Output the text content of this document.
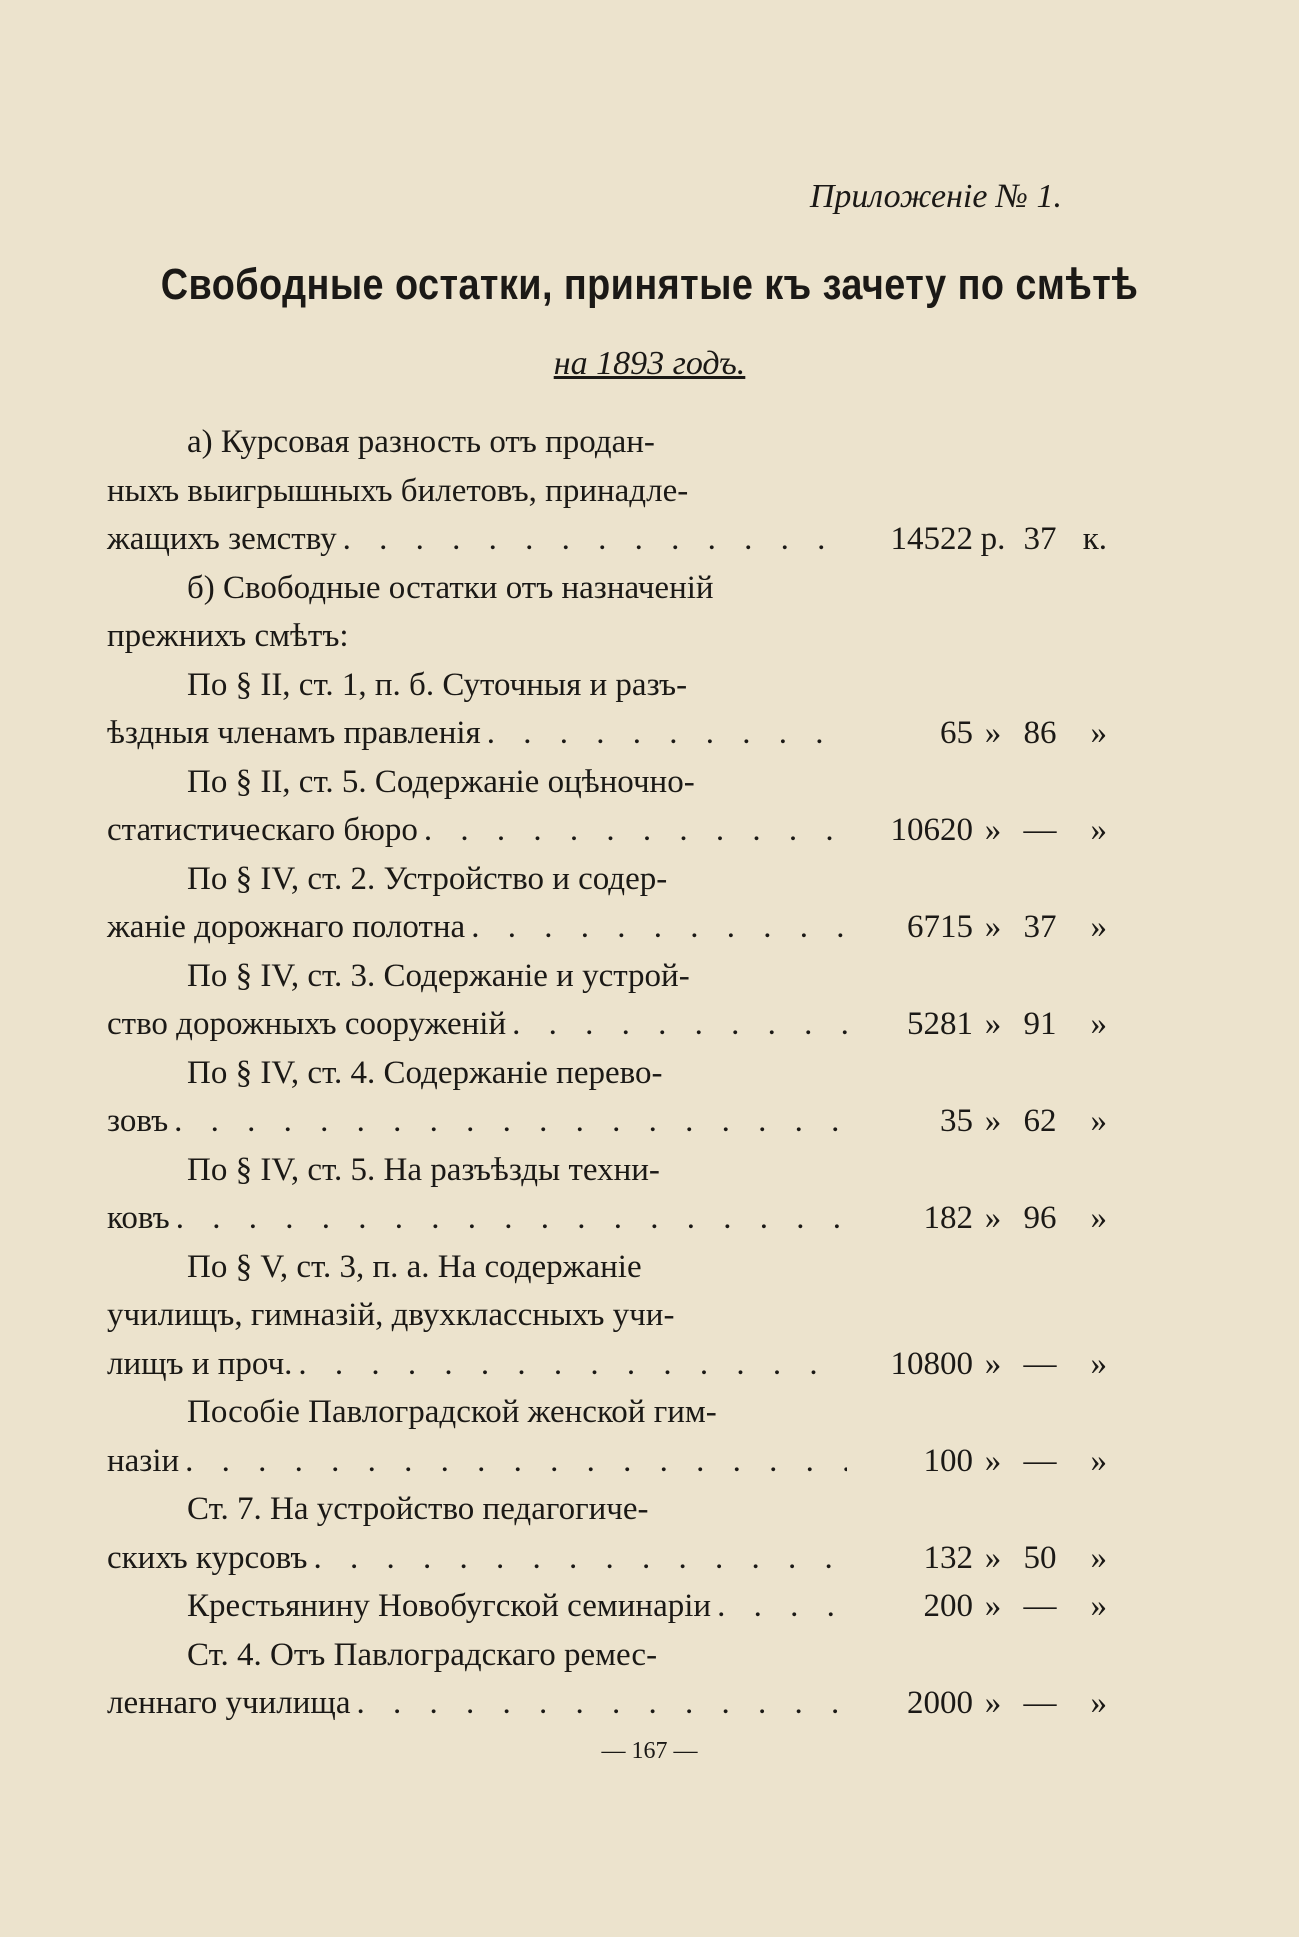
Приложеніе № 1.
Свободные остатки, принятые къ зачету по смѣтѣ
на 1893 годъ.
а) Курсовая разность отъ продан-
ныхъ выигрышныхъ билетовъ, принадле-
жащихъ земству . . .	14522 р. 37 к.
б) Свободные остатки отъ назначеній
прежнихъ смѣтъ:
По § II, ст. 1, п. б. Суточныя и разъ-
ѣздныя членамъ правленія . . .	65 » 86	»
По § II, ст. 5. Содержаніе оцѣночно-
статистическаго бюро . . .	10620 » —	»
По § IV, ст. 2. Устройство и содер-
жаніе дорожнаго полотна . . .	6715 » 37	»
По § IV, ст. 3. Содержаніе и устрой-
ство дорожныхъ сооруженій . . .	5281 » 91	»
По § IV, ст. 4. Содержаніе перево-
зовъ . . .	35 » 62	»
По § IV, ст. 5. На разъѣзды техни-
ковъ . . .	182 » 96	»
По § V, ст. 3, п. а. На содержаніе
училищъ, гимназій, двухклассныхъ учи-
лищъ и проч. . . .	10800 » —	»
Пособіе Павлоградской женской гим-
назіи . . .	100 » —	»
Ст. 7. На устройство педагогиче-
скихъ курсовъ . . .	132 » 50	»
Крестьянину Новобугской семинаріи . . .	200 » —	»
Ст. 4. Отъ Павлоградскаго ремес-
леннаго училища . . .	2000 » —	»
— 167 —
